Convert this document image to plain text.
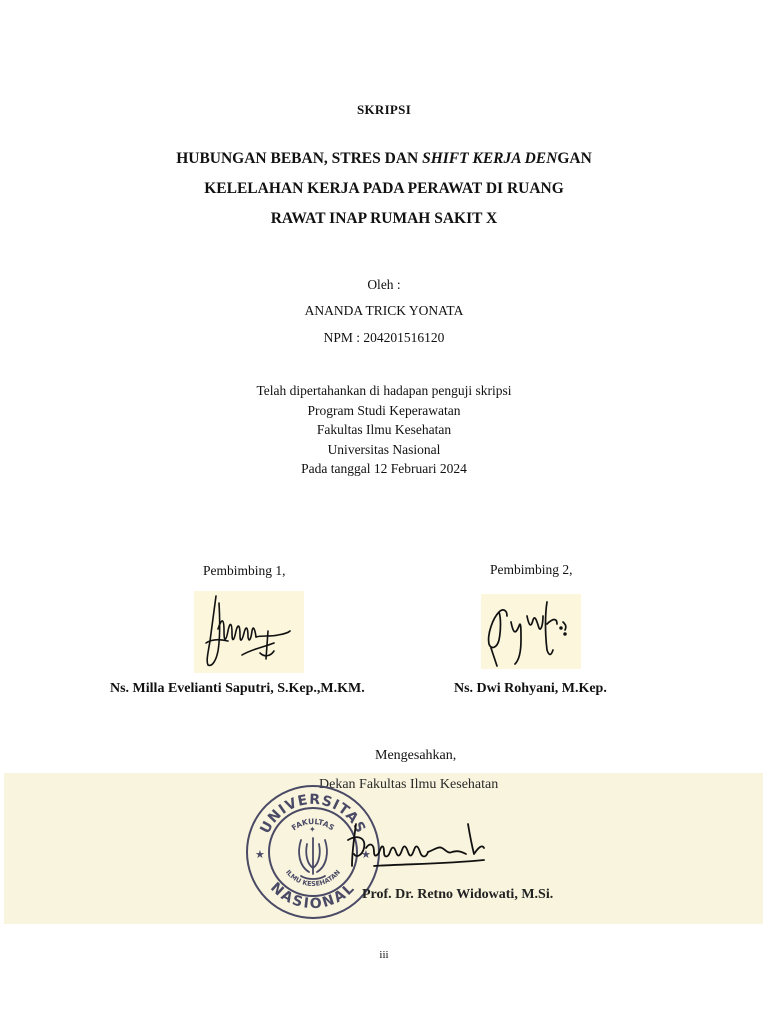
SKRIPSI
HUBUNGAN BEBAN, STRES DAN SHIFT KERJA DENGAN
KELELAHAN KERJA PADA PERAWAT DI RUANG
RAWAT INAP RUMAH SAKIT X
Oleh :
ANANDA TRICK YONATA
NPM : 204201516120
Telah dipertahankan di hadapan penguji skripsi
Program Studi Keperawatan
Fakultas Ilmu Kesehatan
Universitas Nasional
Pada tanggal 12 Februari 2024
Pembimbing 1,	Pembimbing 2,
Ns. Milla Evelianti Saputri, S.Kep.,M.KM.	Ns. Dwi Rohyani, M.Kep.
Mengesahkan,
Dekan Fakultas Ilmu Kesehatan
UNIVERSITAS
NASIONAL
FAKULTAS
ILMU KESEHATAN
★	★
✦
Prof. Dr. Retno Widowati, M.Si.
iii
